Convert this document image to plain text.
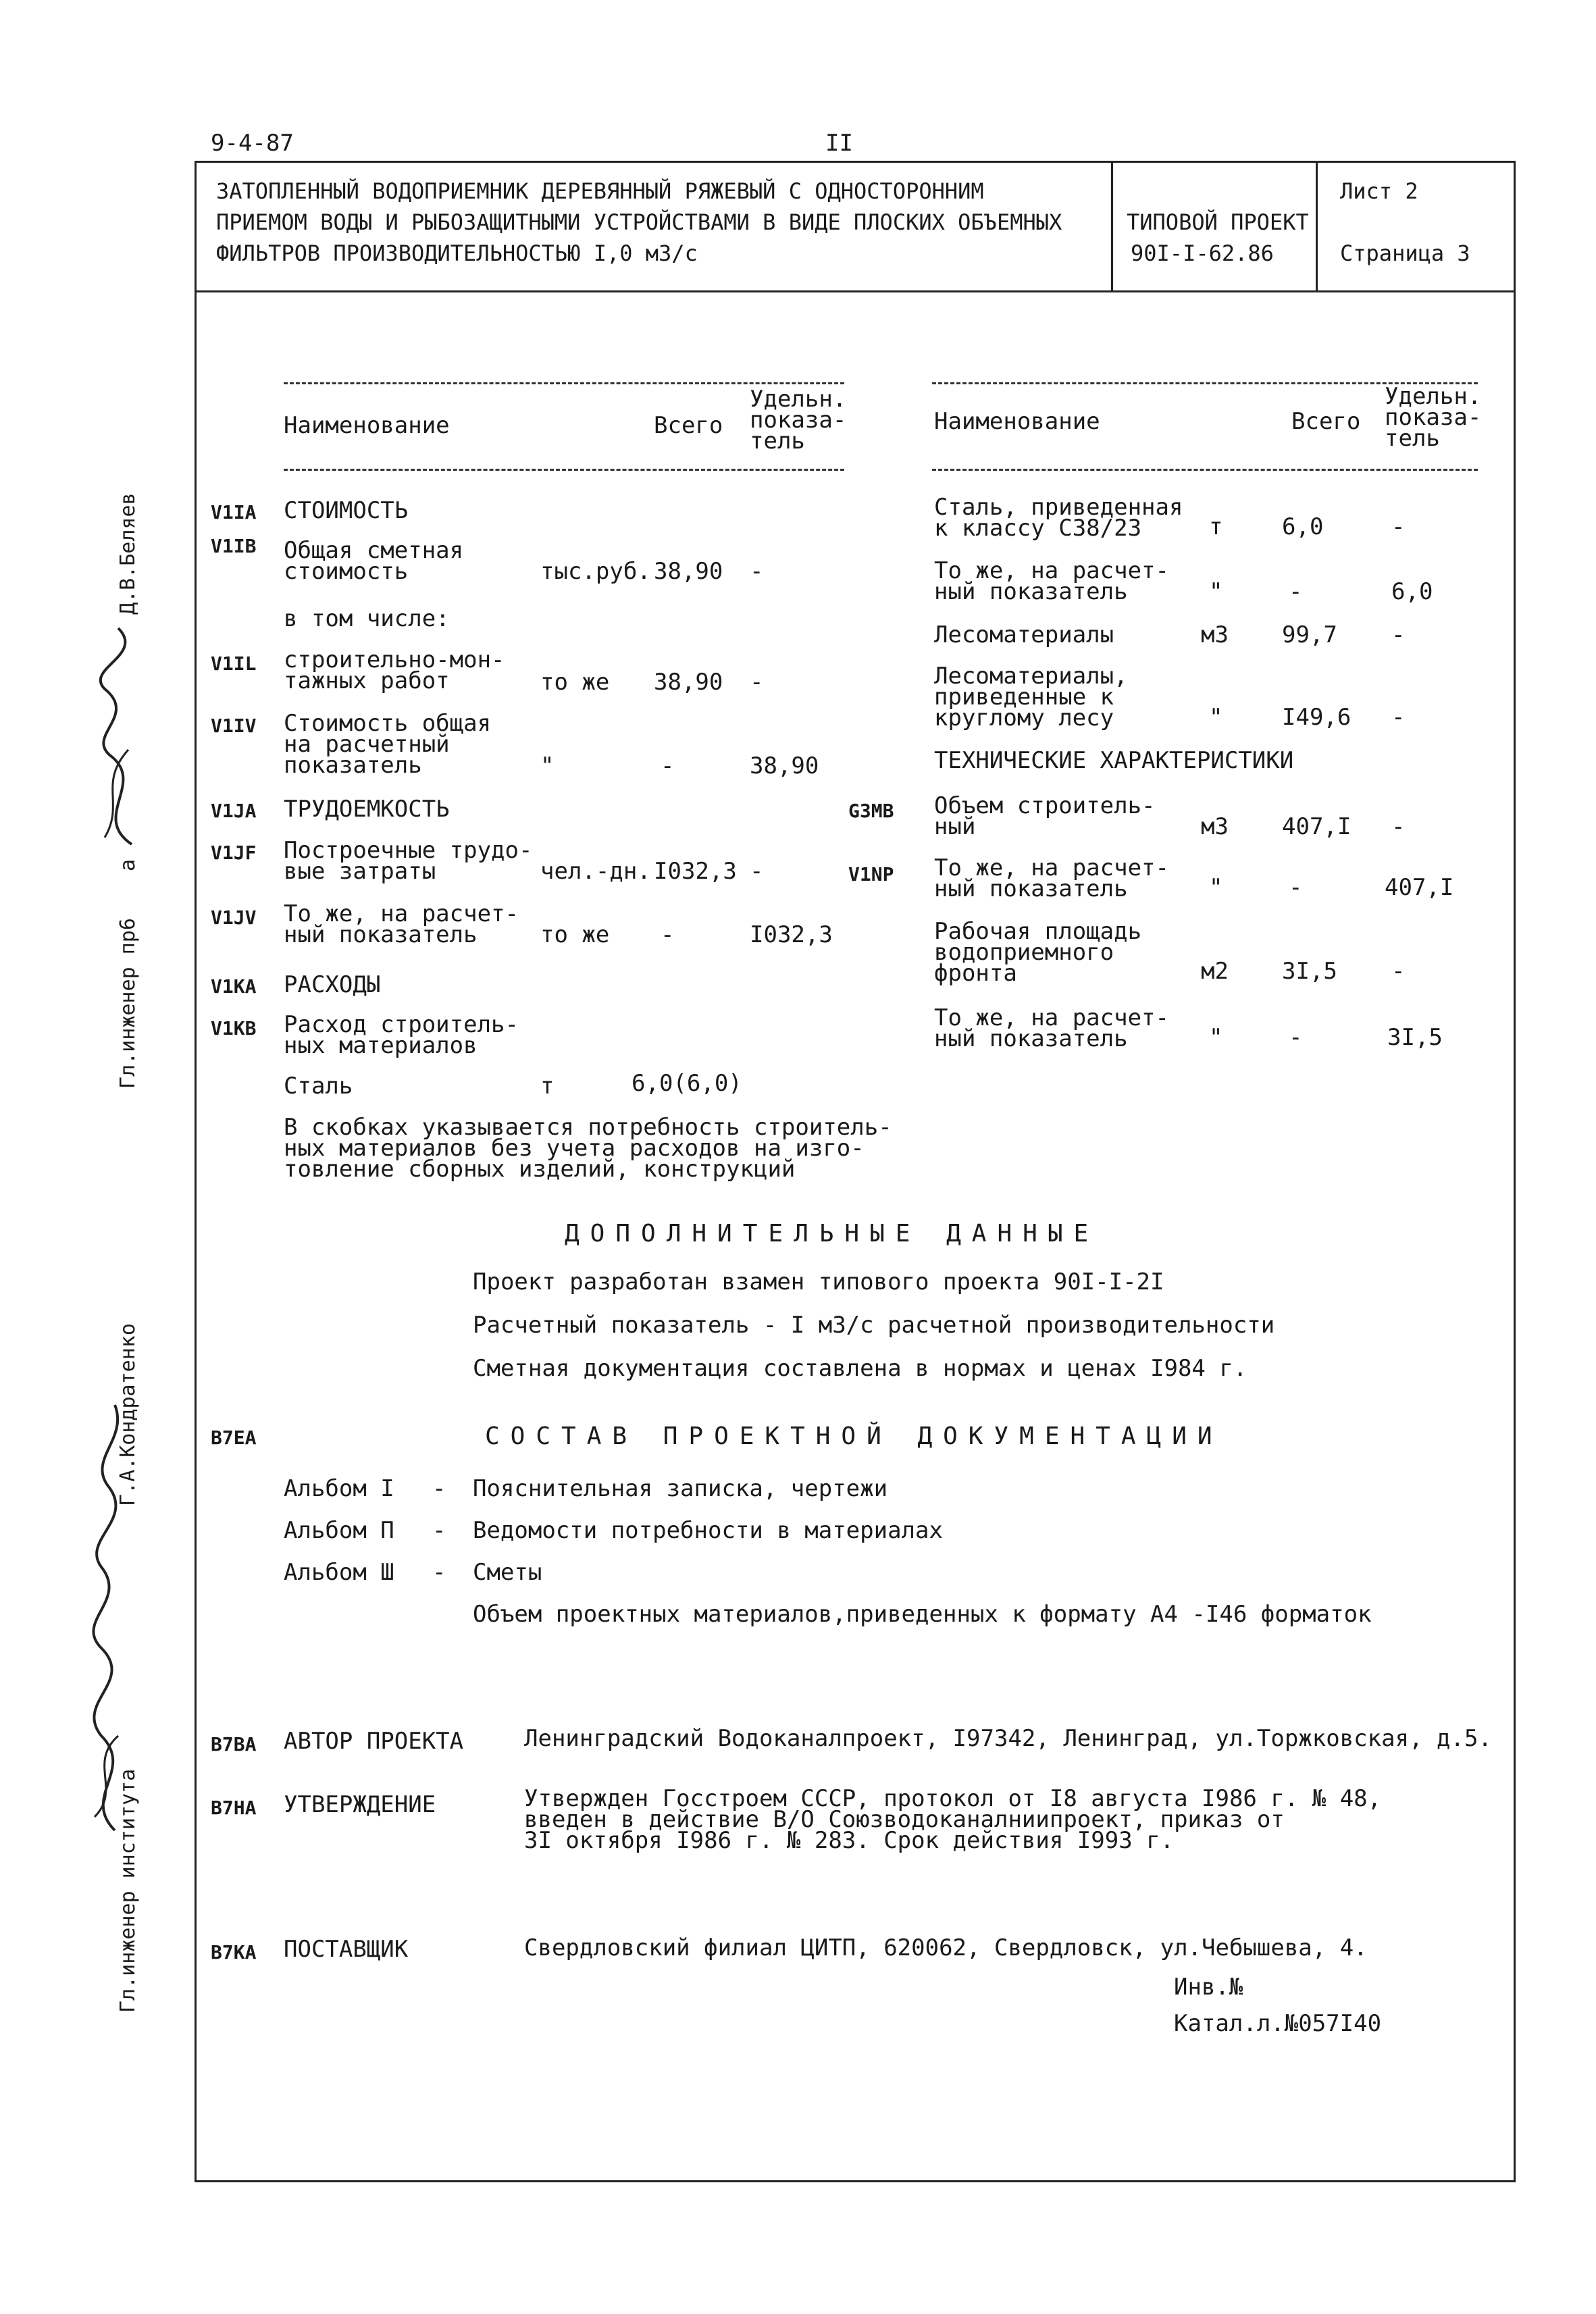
9-4-87	II
ЗАТОПЛЕННЫЙ ВОДОПРИЕМНИК ДЕРЕВЯННЫЙ РЯЖЕВЫЙ С ОДНОСТОРОННИМ
ПРИЕМОМ ВОДЫ И РЫБОЗАЩИТНЫМИ УСТРОЙСТВАМИ В ВИДЕ ПЛОСКИХ ОБЪЕМНЫХ
ФИЛЬТРОВ ПРОИЗВОДИТЕЛЬНОСТЬЮ I,0 м3/с
ТИПОВОЙ ПРОЕКТ
90I-I-62.86
Лист 2
Страница 3
Гл.инженер пр6
а
Д.В.Беляев
Гл.инженер института
Г.А.Кондратенко
Наименование	Всего
Удельн.
показа-
тель
Наименование	Всего
Удельн.
показа-
тель
V1IA СТОИМОСТЬ
V1IB Общая сметная
стоимость	тыс.руб. 38,90 -
в том числе:
V1IL строительно-мон-
тажных работ	то же 38,90 -
V1IV Стоимость общая
на расчетный
показатель	"	-	38,90
V1JA ТРУДОЕМКОСТЬ
V1JF Построечные трудо-
вые затраты	чел.-дн. I032,3 -
V1JV То же, на расчет-
ный показатель	то же -	I032,3
V1KA РАСХОДЫ
V1KB Расход строитель-
ных материалов
Сталь	т	6,0(6,0)
В скобках указывается потребность строитель-
ных материалов без учета расходов на изго-
товление сборных изделий, конструкций
Сталь, приведенная
к классу С38/23	т	6,0	-
То же, на расчет-
ный показатель	"	-	6,0
Лесоматериалы	м3 99,7 -
Лесоматериалы,
приведенные к
круглому лесу	"	I49,6 -
ТЕХНИЧЕСКИЕ ХАРАКТЕРИСТИКИ
G3MB Объем строитель-
ный	м3 407,I -
V1NP То же, на расчет-
ный показатель	"	-	407,I
Рабочая площадь
водоприемного
фронта	м2 3I,5 -
То же, на расчет-
ный показатель	"	-	3I,5
ДОПОЛНИТЕЛЬНЫЕ ДАННЫЕ
Проект разработан взамен типового проекта 90I-I-2I
Расчетный показатель - I м3/с расчетной производительности
Сметная документация составлена в нормах и ценах I984 г.
B7EA	СОСТАВ ПРОЕКТНОЙ ДОКУМЕНТАЦИИ
Альбом I - Пояснительная записка, чертежи
Альбом П - Ведомости потребности в материалах
Альбом Ш - Сметы
Объем проектных материалов,приведенных к формату А4 -I46 форматок
B7BA АВТОР ПРОЕКТА	Ленинградский Водоканалпроект, I97342, Ленинград, ул.Торжковская, д.5.
B7HA УТВЕРЖДЕНИЕ	Утвержден Госстроем СССР, протокол от I8 августа I986 г. № 48,
введен в действие В/О Союзводоканалниипроект, приказ от
3I октября I986 г. № 283. Срок действия I993 г.
B7KA ПОСТАВЩИК	Свердловский филиал ЦИТП, 620062, Свердловск, ул.Чебышева, 4.
Инв.№
Катал.л.№057I40
